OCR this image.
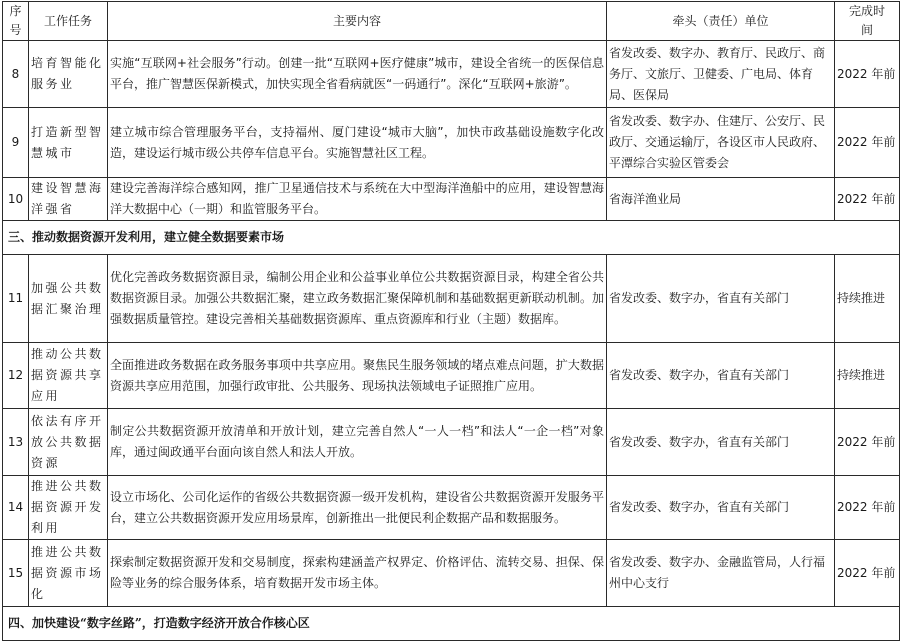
序号	工作任务	主要内容	牵头（责任）单位	完成时间
8	培育智能化服务业	实施“互联网+社会服务”行动。创建一批“互联网+医疗健康”城市，建设全省统一的医保信息平台，推广智慧医保新模式，加快实现全省看病就医“一码通行”。深化“互联网+旅游”。	省发改委、数字办、教育厅、民政厅、商务厅、文旅厅、卫健委、广电局、体育局、医保局	2022 年前
9	打造新型智慧城市	建立城市综合管理服务平台，支持福州、厦门建设“城市大脑”，加快市政基础设施数字化改造，建设运行城市级公共停车信息平台。实施智慧社区工程。	省发改委、数字办、住建厅、公安厅、民政厅、交通运输厅，各设区市人民政府、平潭综合实验区管委会	2022 年前
10	建设智慧海洋强省	建设完善海洋综合感知网，推广卫星通信技术与系统在大中型海洋渔船中的应用，建设智慧海洋大数据中心（一期）和监管服务平台。	省海洋渔业局	2022 年前
三、推动数据资源开发利用，建立健全数据要素市场				
11	加强公共数据汇聚治理	优化完善政务数据资源目录，编制公用企业和公益事业单位公共数据资源目录，构建全省公共数据资源目录。加强公共数据汇聚，建立政务数据汇聚保障机制和基础数据更新联动机制。加强数据质量管控。建设完善相关基础数据资源库、重点资源库和行业（主题）数据库。	省发改委、数字办，省直有关部门	持续推进
12	推动公共数据资源共享应用	全面推进政务数据在政务服务事项中共享应用。聚焦民生服务领域的堵点难点问题，扩大数据资源共享应用范围，加强行政审批、公共服务、现场执法领域电子证照推广应用。	省发改委、数字办，省直有关部门	持续推进
13	依法有序开放公共数据资源	制定公共数据资源开放清单和开放计划，建立完善自然人“一人一档”和法人“一企一档”对象库，通过闽政通平台面向该自然人和法人开放。	省发改委、数字办，省直有关部门	2022 年前
14	推进公共数据资源开发利用	设立市场化、公司化运作的省级公共数据资源一级开发机构，建设省公共数据资源开发服务平台，建立公共数据资源开发应用场景库，创新推出一批便民利企数据产品和数据服务。	省发改委、数字办，省直有关部门	2022 年前
15	推进公共数据资源市场化	探索制定数据资源开发和交易制度，探索构建涵盖产权界定、价格评估、流转交易、担保、保险等业务的综合服务体系，培育数据开发市场主体。	省发改委、数字办、金融监管局，人行福州中心支行	2022 年前
四、加快建设“数字丝路”，打造数字经济开放合作核心区				
